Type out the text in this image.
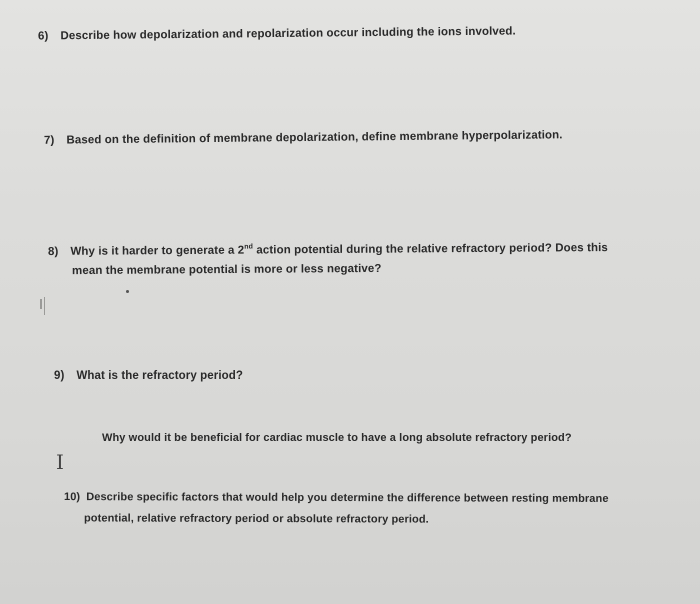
6) Describe how depolarization and repolarization occur including the ions involved.
7) Based on the definition of membrane depolarization, define membrane hyperpolarization.
8) Why is it harder to generate a 2nd action potential during the relative refractory period? Does this
mean the membrane potential is more or less negative?
9) What is the refractory period?
Why would it be beneficial for cardiac muscle to have a long absolute refractory period?
10) Describe specific factors that would help you determine the difference between resting membrane
potential, relative refractory period or absolute refractory period.
I
